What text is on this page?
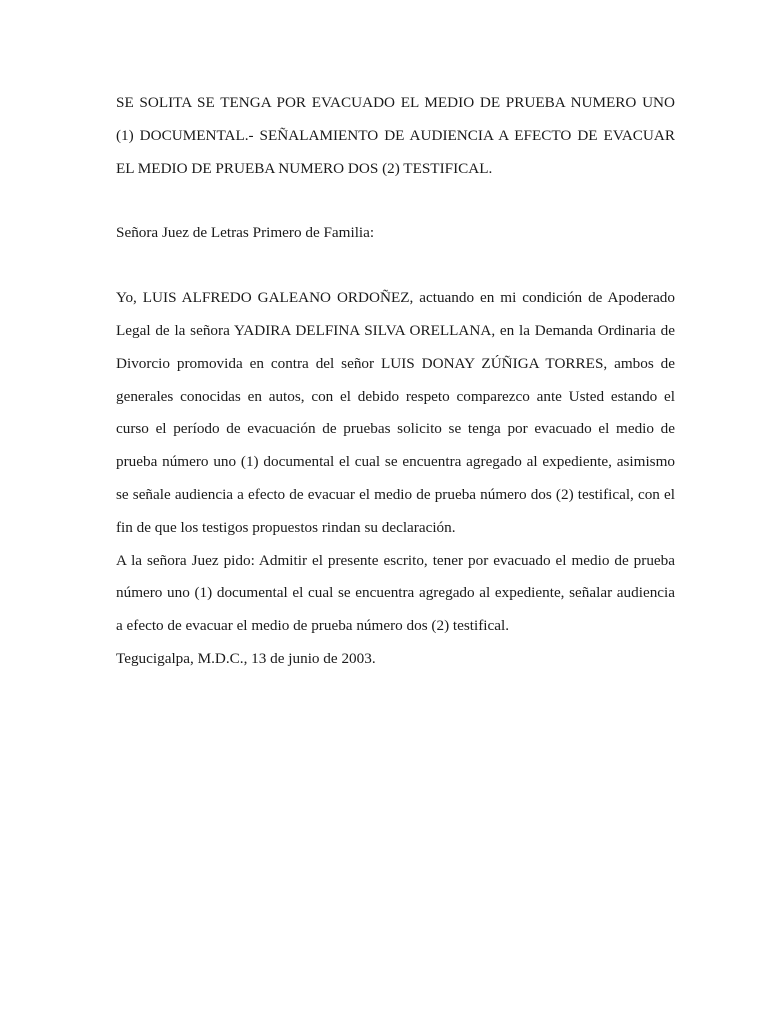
SE SOLITA SE TENGA POR EVACUADO EL MEDIO DE PRUEBA NUMERO UNO (1) DOCUMENTAL.- SEÑALAMIENTO DE AUDIENCIA A EFECTO DE EVACUAR EL MEDIO DE PRUEBA NUMERO DOS (2) TESTIFICAL.

Señora Juez de Letras Primero de Familia:

Yo, LUIS ALFREDO GALEANO ORDOÑEZ, actuando en mi condición de Apoderado Legal de la señora YADIRA DELFINA SILVA ORELLANA, en la Demanda Ordinaria de Divorcio promovida en contra del señor LUIS DONAY ZÚÑIGA TORRES, ambos de generales conocidas en autos, con el debido respeto comparezco ante Usted estando el curso el período de evacuación de pruebas solicito se tenga por evacuado el medio de prueba número uno (1) documental el cual se encuentra agregado al expediente, asimismo se señale audiencia a efecto de evacuar el medio de prueba número dos (2) testifical, con el fin de que los testigos propuestos rindan su declaración.

A la señora Juez pido: Admitir el presente escrito, tener por evacuado el medio de prueba número uno (1) documental el cual se encuentra agregado al expediente, señalar audiencia a efecto de evacuar el medio de prueba número dos (2) testifical.

Tegucigalpa, M.D.C., 13 de junio de 2003.
